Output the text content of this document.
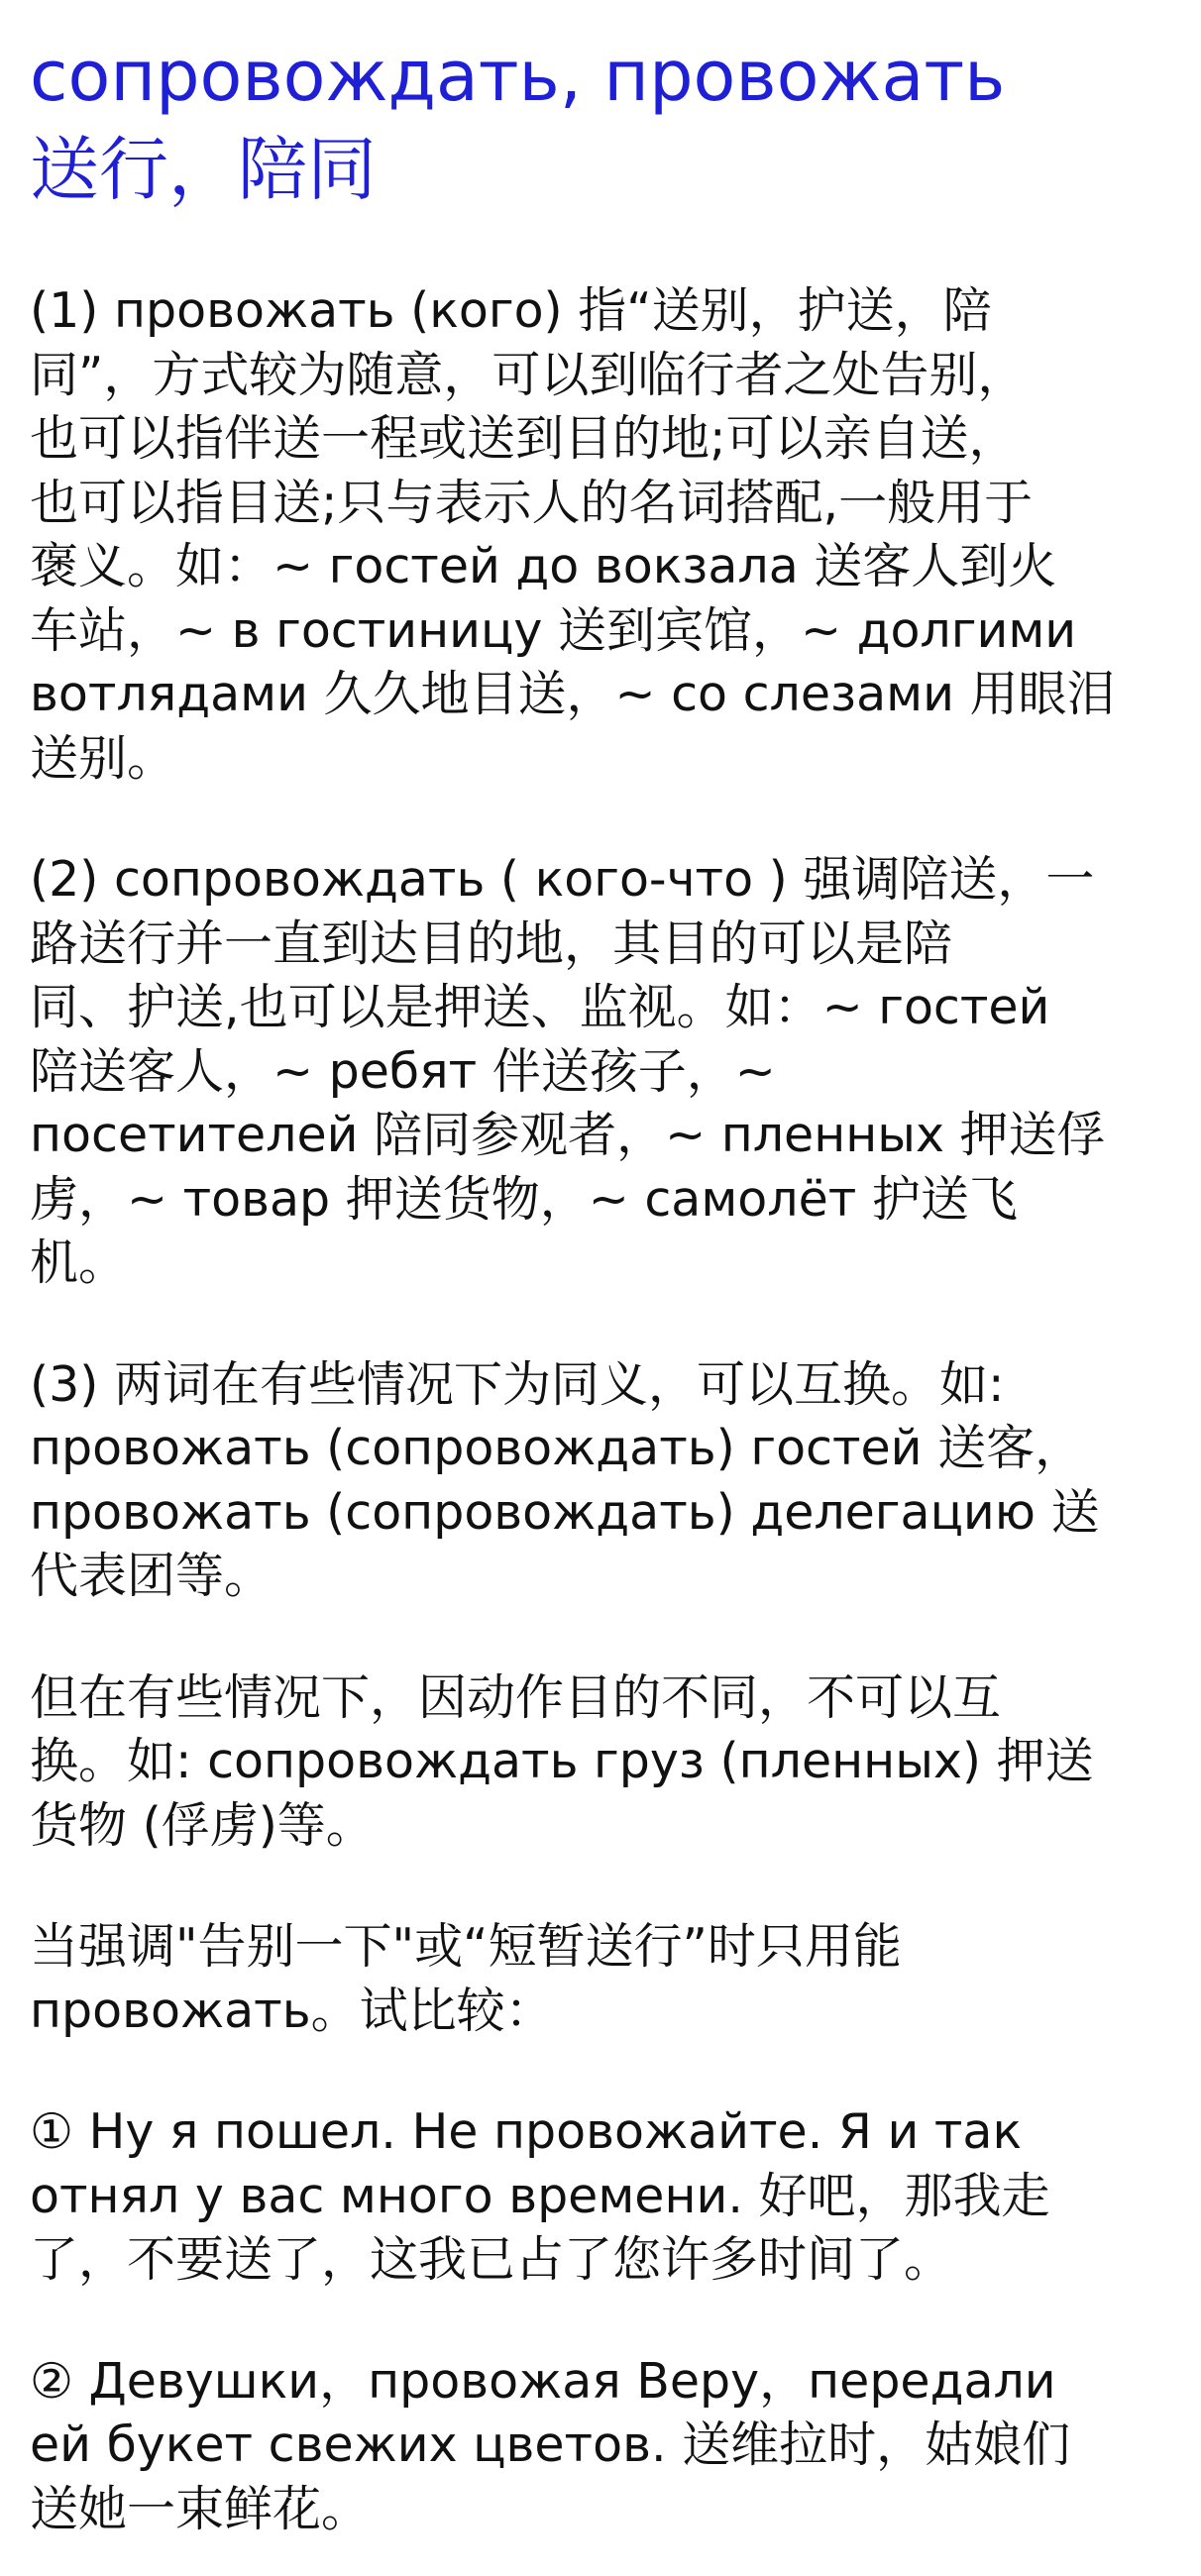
сопровождать, провожать
送行，陪同

(1) провожать (кого) 指“送别，护送，陪

同”，方式较为随意，可以到临行者之处告别，

也可以指伴送一程或送到目的地;可以亲自送，

也可以指目送;只与表示人的名词搭配,一般用于

褒义。如：~ гостей до вокзала 送客人到火

车站，~ в гостиницу 送到宾馆，~ долгими

вотлядами 久久地目送，~ со слезами 用眼泪

送别。

(2) сопровождать ( кого-что ) 强调陪送，一

路送行并一直到达目的地，其目的可以是陪

同、护送,也可以是押送、监视。如：~ гостей

陪送客人，~ ребят 伴送孩子，~

посетителей 陪同参观者，~ пленных 押送俘

虏，~ товар 押送货物，~ самолёт 护送飞

机。

(3) 两词在有些情况下为同义，可以互换。如:

провожать (сопровождать) гостей 送客，

провожать (сопровождать) делегацию 送

代表团等。

但在有些情况下，因动作目的不同，不可以互

换。如: сопровождать груз (пленных) 押送

货物 (俘虏)等。

当强调"告别一下"或“短暂送行”时只用能

провожать。试比较：

① Ну я пошел. Не провожайте. Я и так

отнял у вас много времени. 好吧，那我走

了，不要送了，这我已占了您许多时间了。

② Девушки，провожая Веру，передали

ей букет свежих цветов. 送维拉时，姑娘们

送她一束鲜花。
